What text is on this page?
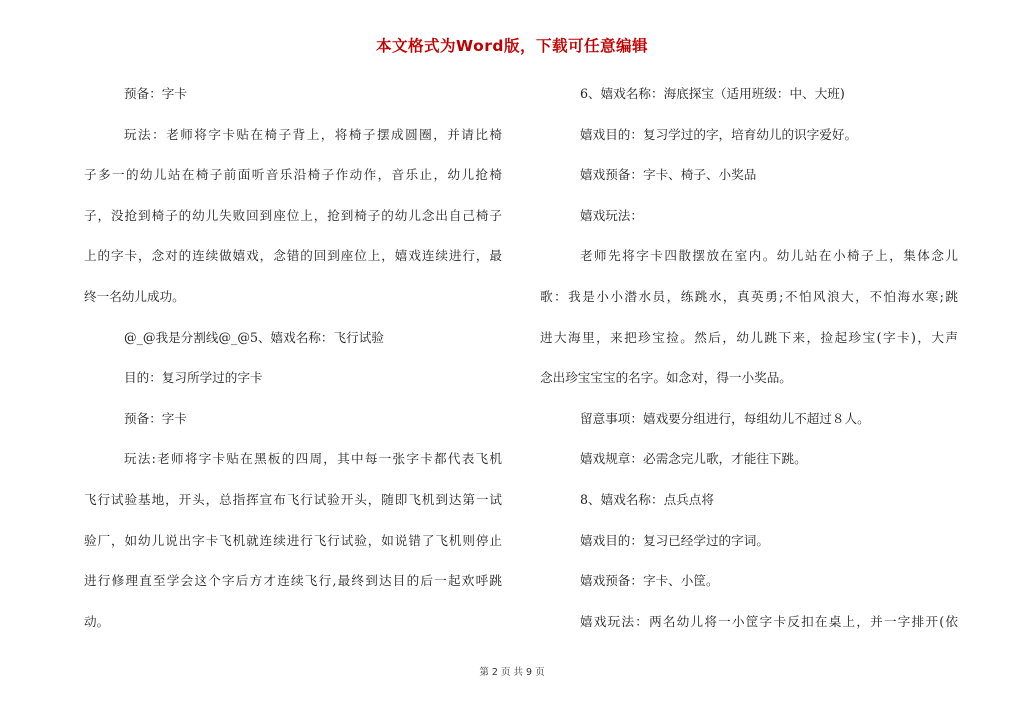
本文格式为Word版，下载可任意编辑
预备：字卡
玩法：老师将字卡贴在椅子背上，将椅子摆成圆圈，并请比椅
子多一的幼儿站在椅子前面听音乐沿椅子作动作，音乐止，幼儿抢椅
子，没抢到椅子的幼儿失败回到座位上，抢到椅子的幼儿念出自己椅子
上的字卡，念对的连续做嬉戏，念错的回到座位上，嬉戏连续进行，最
终一名幼儿成功。
@_@我是分割线@_@5、嬉戏名称：飞行试验
目的：复习所学过的字卡
预备：字卡
玩法:老师将字卡贴在黑板的四周，其中每一张字卡都代表飞机
飞行试验基地，开头，总指挥宣布飞行试验开头，随即飞机到达第一试
验厂，如幼儿说出字卡飞机就连续进行飞行试验，如说错了飞机则停止
进行修理直至学会这个字后方才连续飞行,最终到达目的后一起欢呼跳
动。
6、嬉戏名称：海底探宝（适用班级：中、大班)
嬉戏目的：复习学过的字，培育幼儿的识字爱好。
嬉戏预备：字卡、椅子、小奖品
嬉戏玩法：
老师先将字卡四散摆放在室内。幼儿站在小椅子上，集体念儿
歌：我是小小潜水员，练跳水，真英勇;不怕风浪大，不怕海水寒;跳
进大海里，来把珍宝捡。然后，幼儿跳下来，捡起珍宝(字卡)，大声
念出珍宝宝宝的名字。如念对，得一小奖品。
留意事项：嬉戏要分组进行，每组幼儿不超过８人。
嬉戏规章：必需念完儿歌，才能往下跳。
8、嬉戏名称：点兵点将
嬉戏目的：复习已经学过的字词。
嬉戏预备：字卡、小筐。
嬉戏玩法：两名幼儿将一小筐字卡反扣在桌上，并一字排开(依
第 2 页 共 9 页
